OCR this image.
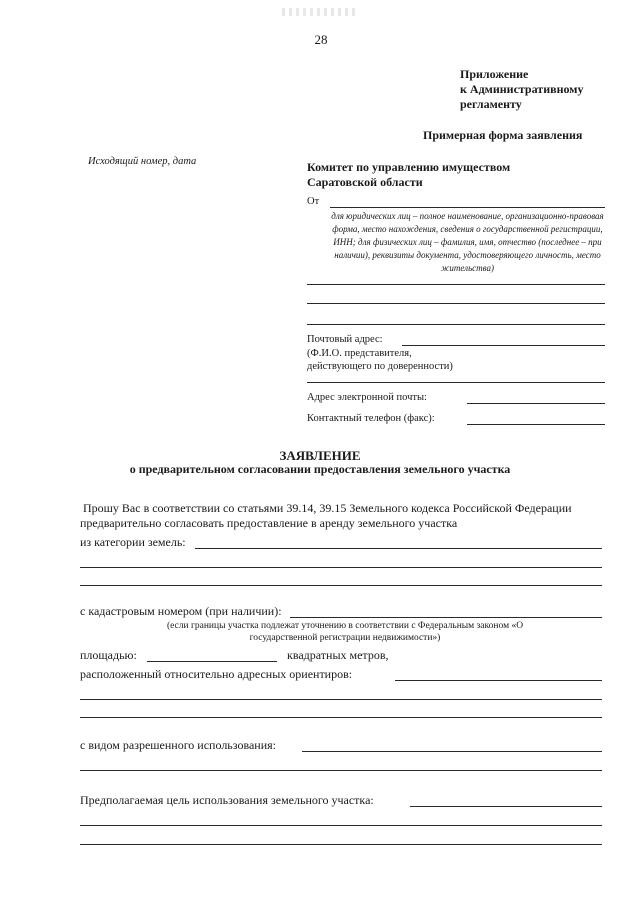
28
Приложение
к Административному
регламенту
Примерная форма заявления
Исходящий номер, дата	Комитет по управлению имуществом
Саратовской области
От
для юридических лиц – полное наименование, организационно-правовая форма, место нахождения, сведения о государственной регистрации, ИНН; для физических лиц – фамилия, имя, отчество (последнее – при наличии), реквизиты документа, удостоверяющего личность, место жительства)
Почтовый адрес:
(Ф.И.О. представителя,
действующего по доверенности)
Адрес электронной почты:
Контактный телефон (факс):
ЗАЯВЛЕНИЕ
о предварительном согласовании предоставления земельного участка
Прошу Вас в соответствии со статьями 39.14, 39.15 Земельного кодекса Российской Федерации
предварительно согласовать предоставление в аренду земельного участка
из категории земель:
с кадастровым номером (при наличии):
(если границы участка подлежат уточнению в соответствии с Федеральным законом «О государственной регистрации недвижимости»)
площадью:	квадратных метров,
расположенный относительно адресных ориентиров:
с видом разрешенного использования:
Предполагаемая цель использования земельного участка:
